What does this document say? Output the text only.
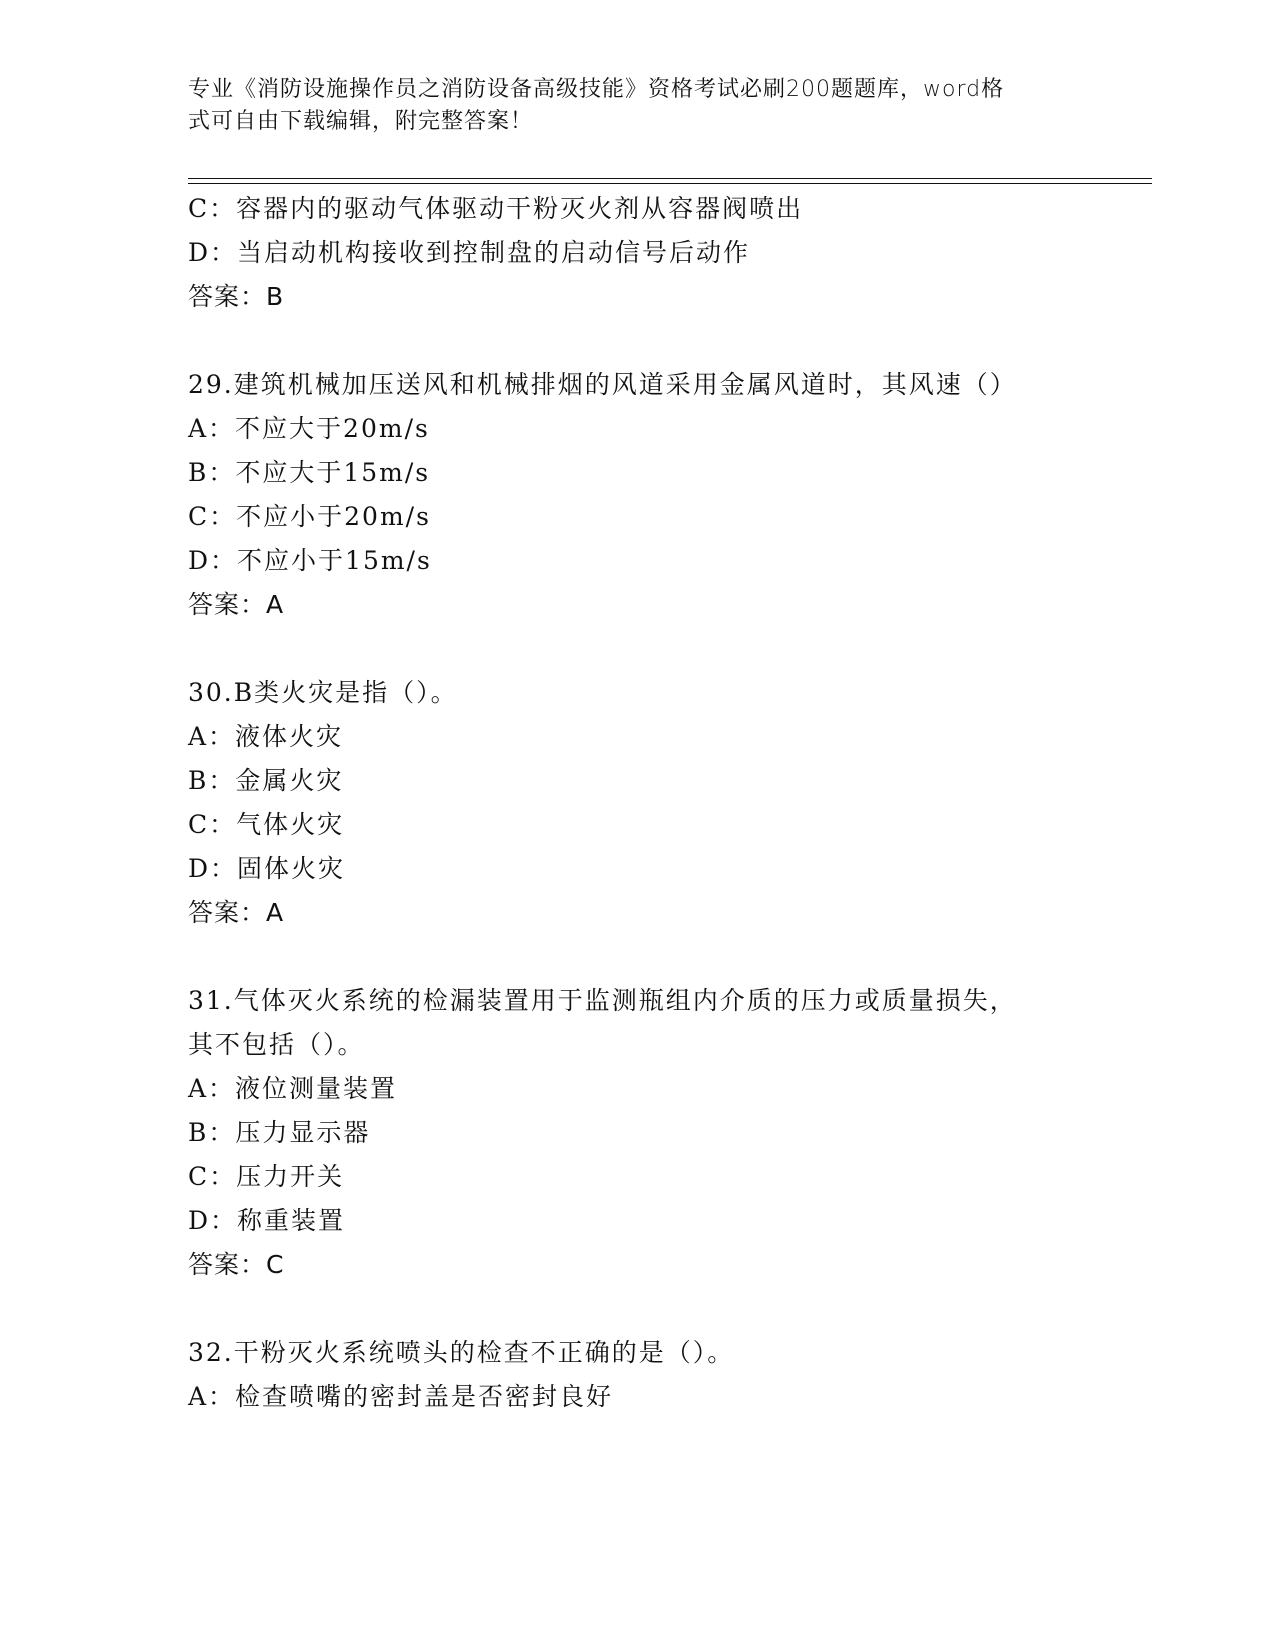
专业《消防设施操作员之消防设备高级技能》资格考试必刷200题题库，word格
式可自由下载编辑，附完整答案！
C：容器内的驱动气体驱动干粉灭火剂从容器阀喷出
D：当启动机构接收到控制盘的启动信号后动作
答案：B
29.建筑机械加压送风和机械排烟的风道采用金属风道时，其风速（）
A：不应大于20m/s
B：不应大于15m/s
C：不应小于20m/s
D：不应小于15m/s
答案：A
30.B类火灾是指（）。
A：液体火灾
B：金属火灾
C：气体火灾
D：固体火灾
答案：A
31.气体灭火系统的检漏装置用于监测瓶组内介质的压力或质量损失，
其不包括（）。
A：液位测量装置
B：压力显示器
C：压力开关
D：称重装置
答案：C
32.干粉灭火系统喷头的检查不正确的是（）。
A：检查喷嘴的密封盖是否密封良好
